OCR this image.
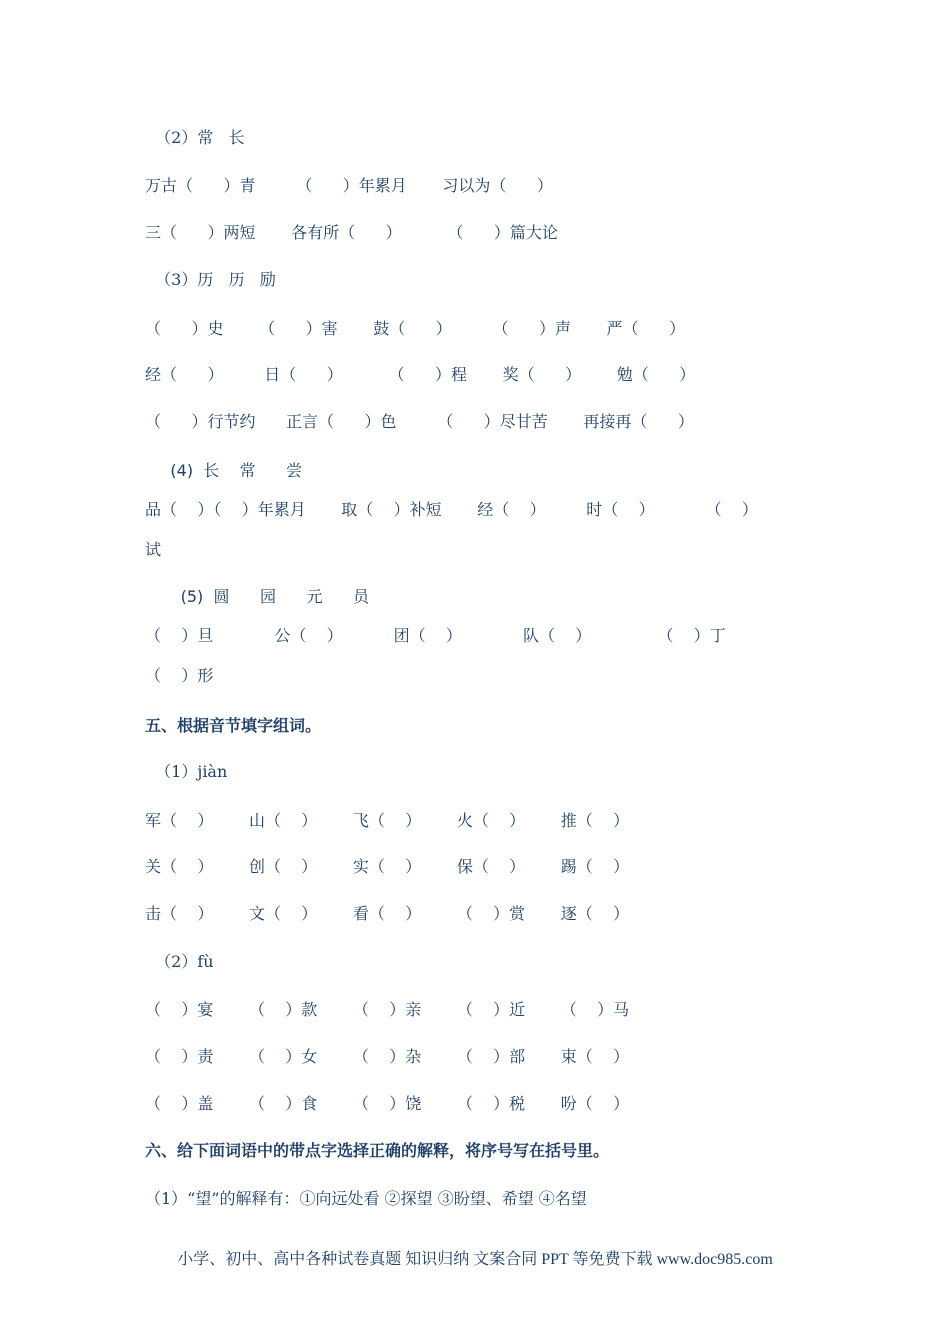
（2）常   长
万古（      ）青        （      ）年累月       习以为（      ）
三（      ）两短       各有所（      ）         （      ）篇大论
（3）历   历   励
（      ）史       （      ）害       鼓（      ）        （      ）声       严（      ）
经（      ）        日（      ）         （      ）程       奖（      ）       勉（      ）
（      ）行节约      正言（      ）色        （      ）尽甘苦       再接再（      ）
(4)  长    常      尝
品（    ）（    ）年累月       取（    ）补短       经（    ）        时（    ）          （    ）
试
(5)  圆      园      元      员
（    ）旦            公（    ）          团（    ）            队（    ）             （    ）丁
（    ）形
五、根据音节填字组词。
（1）jiàn
军（    ）       山（    ）       飞（    ）       火（    ）       推（    ）
关（    ）       创（    ）       实（    ）       保（    ）       踢（    ）
击（    ）       文（    ）       看（    ）       （    ）赏       逐（    ）
（2）fù
（    ）宴       （    ）款       （    ）亲       （    ）近       （    ）马
（    ）责       （    ）女       （    ）杂       （    ）部       束（    ）
（    ）盖       （    ）食       （    ）饶       （    ）税       吩（    ）
六、给下面词语中的带点字选择正确的解释，将序号写在括号里。
（1）“望”的解释有：①向远处看 ②探望 ③盼望、希望 ④名望
小学、初中、高中各种试卷真题 知识归纳 文案合同 PPT 等免费下载 www.doc985.com
